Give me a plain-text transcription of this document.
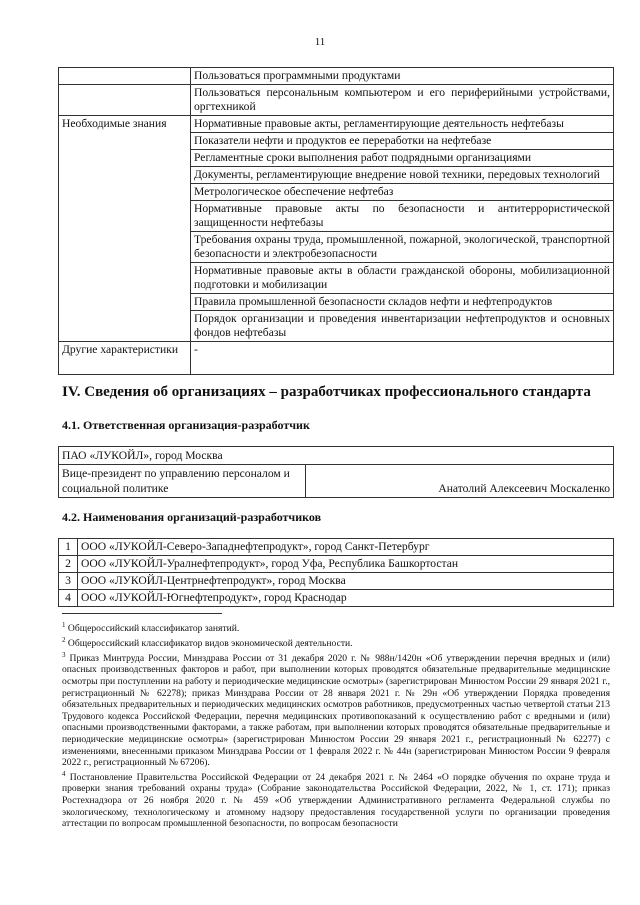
11
	Пользоваться программными продуктами
	Пользоваться персональным компьютером и его периферийными устройствами, оргтехникой
Необходимые знания	Нормативные правовые акты, регламентирующие деятельность нефтебазы
	Показатели нефти и продуктов ее переработки на нефтебазе
	Регламентные сроки выполнения работ подрядными организациями
	Документы, регламентирующие внедрение новой техники, передовых технологий
	Метрологическое обеспечение нефтебаз
	Нормативные правовые акты по безопасности и антитеррористической защищенности нефтебазы
	Требования охраны труда, промышленной, пожарной, экологической, транспортной безопасности и электробезопасности
	Нормативные правовые акты в области гражданской обороны, мобилизационной подготовки и мобилизации
	Правила промышленной безопасности складов нефти и нефтепродуктов
	Порядок организации и проведения инвентаризации нефтепродуктов и основных фондов нефтебазы
Другие характеристики	-
IV. Сведения об организациях – разработчиках профессионального стандарта
4.1. Ответственная организация-разработчик
ПАО «ЛУКОЙЛ», город Москва
Вице-президент по управлению персоналом и социальной политике	Анатолий Алексеевич Москаленко
4.2. Наименования организаций-разработчиков
1	ООО «ЛУКОЙЛ-Северо-Западнефтепродукт», город Санкт-Петербург
2	ООО «ЛУКОЙЛ-Уралнефтепродукт», город Уфа, Республика Башкортостан
3	ООО «ЛУКОЙЛ-Центрнефтепродукт», город Москва
4	ООО «ЛУКОЙЛ-Югнефтепродукт», город Краснодар

$^1$ Общероссийский классификатор занятий.

$^2$ Общероссийский классификатор видов экономической деятельности.

$^3$ Приказ Минтруда России, Минздрава России от 31 декабря 2020 г. № 988н/1420н «Об утверждении перечня вредных и (или) опасных производственных факторов и работ, при выполнении которых проводятся обязательные предварительные медицинские осмотры при поступлении на работу и периодические медицинские осмотры» (зарегистрирован Минюстом России 29 января 2021 г., регистрационный № 62278); приказ Минздрава России от 28 января 2021 г. № 29н «Об утверждении Порядка проведения обязательных предварительных и периодических медицинских осмотров работников, предусмотренных частью четвертой статьи 213 Трудового кодекса Российской Федерации, перечня медицинских противопоказаний к осуществлению работ с вредными и (или) опасными производственными факторами, а также работам, при выполнении которых проводятся обязательные предварительные и периодические медицинские осмотры» (зарегистрирован Минюстом России 29 января 2021 г., регистрационный № 62277) с изменениями, внесенными приказом Минздрава России от 1 февраля 2022 г. № 44н (зарегистрирован Минюстом России 9 февраля 2022 г., регистрационный № 67206).

$^4$ Постановление Правительства Российской Федерации от 24 декабря 2021 г. № 2464 «О порядке обучения по охране труда и проверки знания требований охраны труда» (Собрание законодательства Российской Федерации, 2022, № 1, ст. 171); приказ Ростехнадзора от 26 ноября 2020 г. № 459 «Об утверждении Административного регламента Федеральной службы по экологическому, технологическому и атомному надзору предоставления государственной услуги по организации проведения аттестации по вопросам промышленной безопасности, по вопросам безопасности
